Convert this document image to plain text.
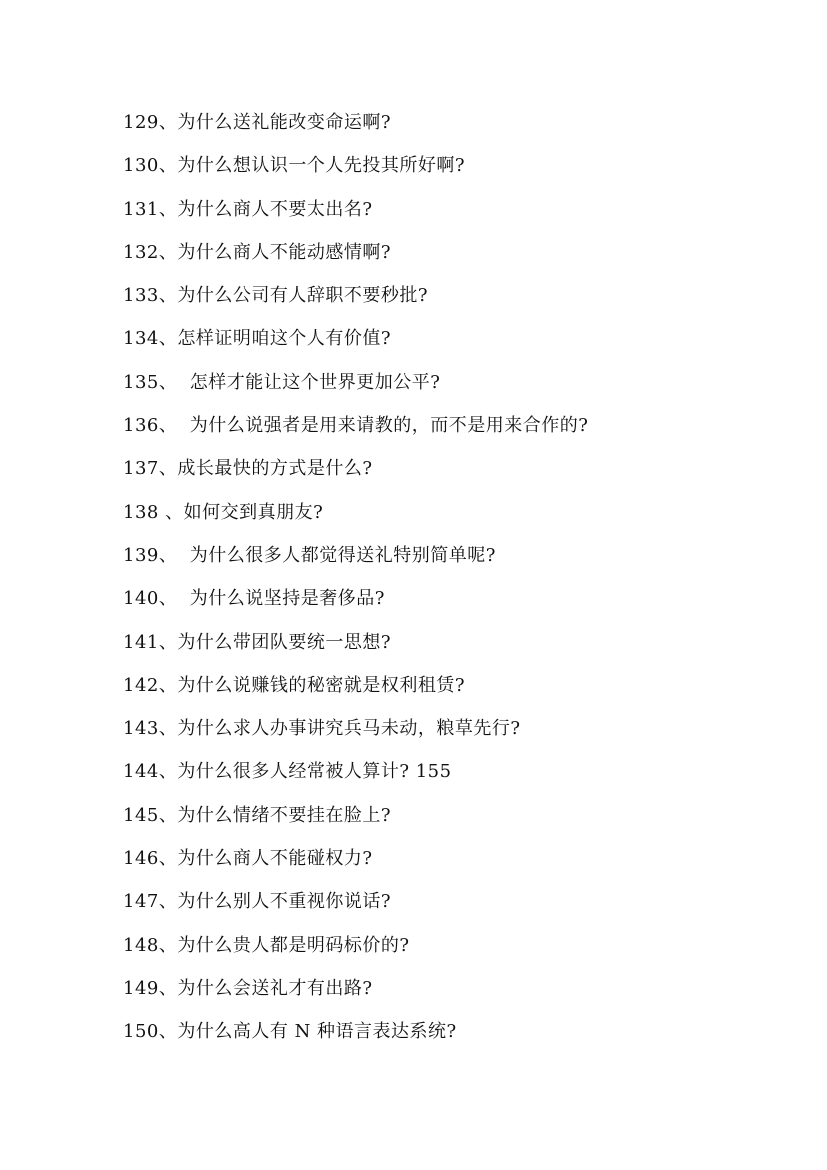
129、为什么送礼能改变命运啊?
130、为什么想认识一个人先投其所好啊?
131、为什么商人不要太出名?
132、为什么商人不能动感情啊?
133、为什么公司有人辞职不要秒批?
134、怎样证明咱这个人有价值?
135、  怎样才能让这个世界更加公平?
136、  为什么说强者是用来请教的，而不是用来合作的?
137、成长最快的方式是什么?
138 、如何交到真朋友?
139、  为什么很多人都觉得送礼特别简单呢?
140、  为什么说坚持是奢侈品?
141、为什么带团队要统一思想?
142、为什么说赚钱的秘密就是权利租赁?
143、为什么求人办事讲究兵马未动，粮草先行?
144、为什么很多人经常被人算计? 155
145、为什么情绪不要挂在脸上?
146、为什么商人不能碰权力?
147、为什么别人不重视你说话?
148、为什么贵人都是明码标价的?
149、为什么会送礼才有出路?
150、为什么高人有 N 种语言表达系统?
